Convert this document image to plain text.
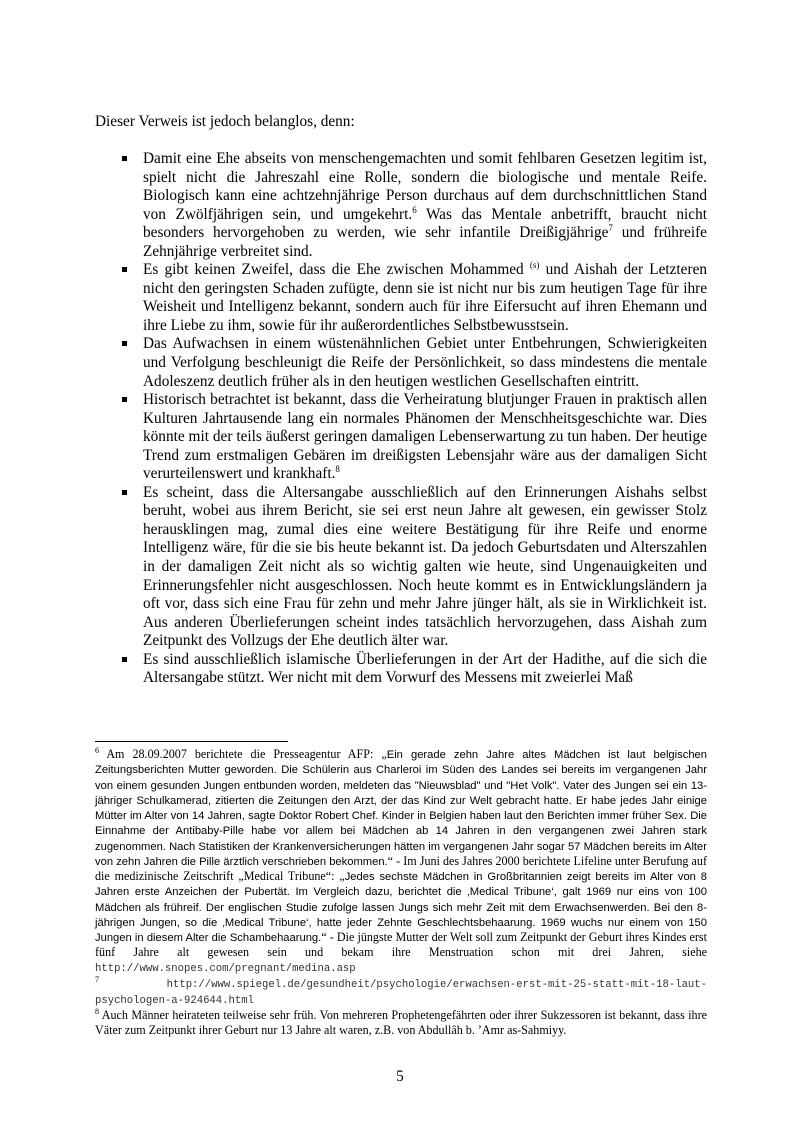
Dieser Verweis ist jedoch belanglos, denn:
Damit eine Ehe abseits von menschengemachten und somit fehlbaren Gesetzen legitim ist, spielt nicht die Jahreszahl eine Rolle, sondern die biologische und mentale Reife. Biologisch kann eine achtzehnjährige Person durchaus auf dem durchschnittlichen Stand von Zwölfjährigen sein, und umgekehrt.$^6$ Was das Mentale anbetrifft, braucht nicht besonders hervorgehoben zu werden, wie sehr infantile Dreißigjährige$^7$ und frühreife Zehnjährige verbreitet sind.
Es gibt keinen Zweifel, dass die Ehe zwischen Mohammed $^{(s)}$ und Aishah der Letzteren nicht den geringsten Schaden zufügte, denn sie ist nicht nur bis zum heutigen Tage für ihre Weisheit und Intelligenz bekannt, sondern auch für ihre Eifersucht auf ihren Ehemann und ihre Liebe zu ihm, sowie für ihr außerordentliches Selbstbewusstsein.
Das Aufwachsen in einem wüstenähnlichen Gebiet unter Entbehrungen, Schwierigkeiten und Verfolgung beschleunigt die Reife der Persönlichkeit, so dass mindestens die mentale Adoleszenz deutlich früher als in den heutigen westlichen Gesellschaften eintritt.
Historisch betrachtet ist bekannt, dass die Verheiratung blutjunger Frauen in praktisch allen Kulturen Jahrtausende lang ein normales Phänomen der Menschheitsgeschichte war. Dies könnte mit der teils äußerst geringen damaligen Lebenserwartung zu tun haben. Der heutige Trend zum erstmaligen Gebären im dreißigsten Lebensjahr wäre aus der damaligen Sicht verurteilenswert und krankhaft.$^8$
Es scheint, dass die Altersangabe ausschließlich auf den Erinnerungen Aishahs selbst beruht, wobei aus ihrem Bericht, sie sei erst neun Jahre alt gewesen, ein gewisser Stolz herausklingen mag, zumal dies eine weitere Bestätigung für ihre Reife und enorme Intelligenz wäre, für die sie bis heute bekannt ist. Da jedoch Geburtsdaten und Alterszahlen in der damaligen Zeit nicht als so wichtig galten wie heute, sind Ungenauigkeiten und Erinnerungsfehler nicht ausgeschlossen. Noch heute kommt es in Entwicklungsländern ja oft vor, dass sich eine Frau für zehn und mehr Jahre jünger hält, als sie in Wirklichkeit ist. Aus anderen Überlieferungen scheint indes tatsächlich hervorzugehen, dass Aishah zum Zeitpunkt des Vollzugs der Ehe deutlich älter war.
Es sind ausschließlich islamische Überlieferungen in der Art der Hadithe, auf die sich die Altersangabe stützt. Wer nicht mit dem Vorwurf des Messens mit zweierlei Maß

$^6$ Am 28.09.2007 berichtete die Presseagentur AFP: „Ein gerade zehn Jahre altes Mädchen ist laut belgischen Zeitungsberichten Mutter geworden. Die Schülerin aus Charleroi im Süden des Landes sei bereits im vergangenen Jahr von einem gesunden Jungen entbunden worden, meldeten das "Nieuwsblad" und "Het Volk". Vater des Jungen sei ein 13-jähriger Schulkamerad, zitierten die Zeitungen den Arzt, der das Kind zur Welt gebracht hatte. Er habe jedes Jahr einige Mütter im Alter von 14 Jahren, sagte Doktor Robert Chef. Kinder in Belgien haben laut den Berichten immer früher Sex. Die Einnahme der Antibaby-Pille habe vor allem bei Mädchen ab 14 Jahren in den vergangenen zwei Jahren stark zugenommen. Nach Statistiken der Krankenversicherungen hätten im vergangenen Jahr sogar 57 Mädchen bereits im Alter von zehn Jahren die Pille ärztlich verschrieben bekommen.“ - Im Juni des Jahres 2000 berichtete Lifeline unter Berufung auf die medizinische Zeitschrift „Medical Tribune“: „Jedes sechste Mädchen in Großbritannien zeigt bereits im Alter von 8 Jahren erste Anzeichen der Pubertät. Im Vergleich dazu, berichtet die ‚Medical Tribune‘, galt 1969 nur eins von 100 Mädchen als frühreif. Der englischen Studie zufolge lassen Jungs sich mehr Zeit mit dem Erwachsenwerden. Bei den 8-jährigen Jungen, so die ‚Medical Tribune‘, hatte jeder Zehnte Geschlechtsbehaarung. 1969 wuchs nur einem von 150 Jungen in diesem Alter die Schambehaarung.“ - Die jüngste Mutter der Welt soll zum Zeitpunkt der Geburt ihres Kindes erst fünf Jahre alt gewesen sein und bekam ihre Menstruation schon mit drei Jahren, siehe http://www.snopes.com/pregnant/medina.asp

$^7$ http://www.spiegel.de/gesundheit/psychologie/erwachsen-erst-mit-25-statt-mit-18-laut-psychologen-a-924644.html

$^8$ Auch Männer heirateten teilweise sehr früh. Von mehreren Prophetengefährten oder ihrer Sukzessoren ist bekannt, dass ihre Väter zum Zeitpunkt ihrer Geburt nur 13 Jahre alt waren, z.B. von Abdullâh b. ’Amr as-Sahmiyy.

5
